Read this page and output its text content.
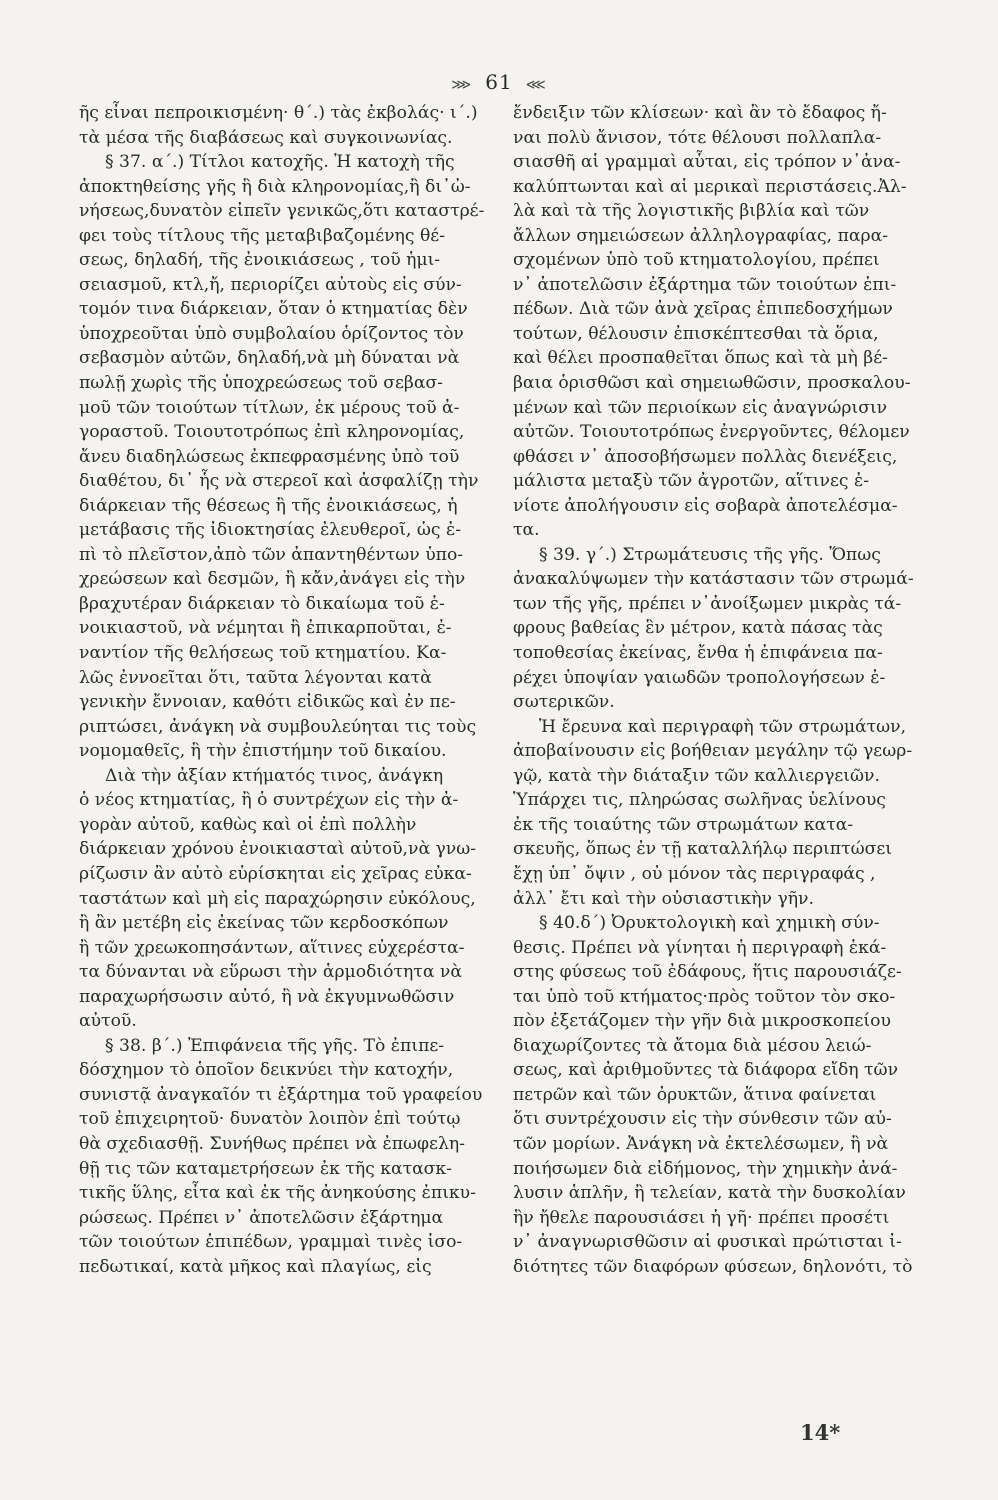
⋙ 61 ⋘
ῆς εἶναι πεπροικισμένη· θ΄.) τὰς ἐκβολάς· ι΄.)
τὰ μέσα τῆς διαβάσεως καὶ συγκοινωνίας.
§ 37. α΄.) Τίτλοι κατοχῆς. Ἡ κατοχὴ τῆς
ἀποκτηθείσης γῆς ἢ διὰ κληρονομίας,ἢ δι᾽ὠ-
νήσεως,δυνατὸν εἰπεῖν γενικῶς,ὅτι καταστρέ-
φει τοὺς τίτλους τῆς μεταβιβαζομένης θέ-
σεως, δηλαδή, τῆς ἐνοικιάσεως , τοῦ ἡμι-
σειασμοῦ, κτλ,ἤ, περιορίζει αὐτοὺς εἰς σύν-
τομόν τινα διάρκειαν, ὅταν ὁ κτηματίας δὲν
ὑποχρεοῦται ὑπὸ συμβολαίου ὁρίζοντος τὸν
σεβασμὸν αὐτῶν, δηλαδή,νὰ μὴ δύναται νὰ
πωλῇ χωρὶς τῆς ὑποχρεώσεως τοῦ σεβασ-
μοῦ τῶν τοιούτων τίτλων, ἐκ μέρους τοῦ ἀ-
γοραστοῦ. Τοιουτοτρόπως ἐπὶ κληρονομίας,
ἄνευ διαδηλώσεως ἐκπεφρασμένης ὑπὸ τοῦ
διαθέτου, δι᾽ ἧς νὰ στερεοῖ καὶ ἀσφαλίζῃ τὴν
διάρκειαν τῆς θέσεως ἢ τῆς ἐνοικιάσεως, ἡ
μετάβασις τῆς ἰδιοκτησίας ἐλευθεροῖ, ὡς ἐ-
πὶ τὸ πλεῖστον,ἀπὸ τῶν ἀπαντηθέντων ὑπο-
χρεώσεων καὶ δεσμῶν, ἢ κἄν,ἀνάγει εἰς τὴν
βραχυτέραν διάρκειαν τὸ δικαίωμα τοῦ ἐ-
νοικιαστοῦ, νὰ νέμηται ἢ ἐπικαρποῦται, ἐ-
ναντίον τῆς θελήσεως τοῦ κτηματίου. Κα-
λῶς ἐννοεῖται ὅτι, ταῦτα λέγονται κατὰ
γενικὴν ἔννοιαν, καθότι εἰδικῶς καὶ ἐν πε-
ριπτώσει, ἀνάγκη νὰ συμβουλεύηται τις τοὺς
νομομαθεῖς, ἢ τὴν ἐπιστήμην τοῦ δικαίου.
Διὰ τὴν ἀξίαν κτήματός τινος, ἀνάγκη
ὁ νέος κτηματίας, ἢ ὁ συντρέχων εἰς τὴν ἀ-
γορὰν αὐτοῦ, καθὼς καὶ οἱ ἐπὶ πολλὴν
διάρκειαν χρόνου ἐνοικιασταὶ αὐτοῦ,νὰ γνω-
ρίζωσιν ἂν αὐτὸ εὑρίσκηται εἰς χεῖρας εὐκα-
ταστάτων καὶ μὴ εἰς παραχώρησιν εὐκόλους,
ἢ ἂν μετέβη εἰς ἐκείνας τῶν κερδοσκόπων
ἢ τῶν χρεωκοπησάντων, αἵτινες εὐχερέστα-
τα δύνανται νὰ εὕρωσι τὴν ἁρμοδιότητα νὰ
παραχωρήσωσιν αὐτό, ἢ νὰ ἐκγυμνωθῶσιν
αὐτοῦ.
§ 38. β΄.) Ἐπιφάνεια τῆς γῆς. Τὸ ἐπιπε-
δόσχημον τὸ ὁποῖον δεικνύει τὴν κατοχήν,
συνιστᾷ ἀναγκαῖόν τι ἐξάρτημα τοῦ γραφείου
τοῦ ἐπιχειρητοῦ· δυνατὸν λοιπὸν ἐπὶ τούτῳ
θὰ σχεδιασθῇ. Συνήθως πρέπει νὰ ἐπωφελη-
θῇ τις τῶν καταμετρήσεων ἐκ τῆς κατασκ-
τικῆς ὕλης, εἶτα καὶ ἐκ τῆς ἀνηκούσης ἐπικυ-
ρώσεως. Πρέπει ν᾽ ἀποτελῶσιν ἐξάρτημα
τῶν τοιούτων ἐπιπέδων, γραμμαὶ τινὲς ἰσο-
πεδωτικαί, κατὰ μῆκος καὶ πλαγίως, εἰς
ἔνδειξιν τῶν κλίσεων· καὶ ἂν τὸ ἔδαφος ἤ-
ναι πολὺ ἄνισον, τότε θέλουσι πολλαπλα-
σιασθῆ αἱ γραμμαὶ αὗται, εἰς τρόπον ν᾽ἀνα-
καλύπτωνται καὶ αἱ μερικαὶ περιστάσεις.Ἀλ-
λὰ καὶ τὰ τῆς λογιστικῆς βιβλία καὶ τῶν
ἄλλων σημειώσεων ἀλληλογραφίας, παρα-
σχομένων ὑπὸ τοῦ κτηματολογίου, πρέπει
ν᾽ ἀποτελῶσιν ἐξάρτημα τῶν τοιούτων ἐπι-
πέδων. Διὰ τῶν ἀνὰ χεῖρας ἐπιπεδοσχήμων
τούτων, θέλουσιν ἐπισκέπτεσθαι τὰ ὅρια,
καὶ θέλει προσπαθεῖται ὅπως καὶ τὰ μὴ βέ-
βαια ὁρισθῶσι καὶ σημειωθῶσιν, προσκαλου-
μένων καὶ τῶν περιοίκων εἰς ἀναγνώρισιν
αὐτῶν. Τοιουτοτρόπως ἐνεργοῦντες, θέλομεν
φθάσει ν᾽ ἀποσοβήσωμεν πολλὰς διενέξεις,
μάλιστα μεταξὺ τῶν ἀγροτῶν, αἵτινες ἐ-
νίοτε ἀπολήγουσιν εἰς σοβαρὰ ἀποτελέσμα-
τα.
§ 39. γ΄.) Στρωμάτευσις τῆς γῆς. Ὅπως
ἀνακαλύψωμεν τὴν κατάστασιν τῶν στρωμά-
των τῆς γῆς, πρέπει ν᾽ἀνοίξωμεν μικρὰς τά-
φρους βαθείας ἓν μέτρον, κατὰ πάσας τὰς
τοποθεσίας ἐκείνας, ἔνθα ἡ ἐπιφάνεια πα-
ρέχει ὑποψίαν γαιωδῶν τροπολογήσεων ἐ-
σωτερικῶν.
Ἡ ἔρευνα καὶ περιγραφὴ τῶν στρωμάτων,
ἀποβαίνουσιν εἰς βοήθειαν μεγάλην τῷ γεωρ-
γῷ, κατὰ τὴν διάταξιν τῶν καλλιεργειῶν.
Ὑπάρχει τις, πληρώσας σωλῆνας ὑελίνους
ἐκ τῆς τοιαύτης τῶν στρωμάτων κατα-
σκευῆς, ὅπως ἐν τῇ καταλλήλῳ περιπτώσει
ἔχῃ ὑπ᾽ ὄψιν , οὐ μόνον τὰς περιγραφάς ,
ἀλλ᾽ ἔτι καὶ τὴν οὐσιαστικὴν γῆν.
§ 40.δ΄) Ὀρυκτολογικὴ καὶ χημικὴ σύν-
θεσις. Πρέπει νὰ γίνηται ἡ περιγραφὴ ἑκά-
στης φύσεως τοῦ ἐδάφους, ἥτις παρουσιάζε-
ται ὑπὸ τοῦ κτήματος·πρὸς τοῦτον τὸν σκο-
πὸν ἐξετάζομεν τὴν γῆν διὰ μικροσκοπείου
διαχωρίζοντες τὰ ἄτομα διὰ μέσου λειώ-
σεως, καὶ ἀριθμοῦντες τὰ διάφορα εἴδη τῶν
πετρῶν καὶ τῶν ὀρυκτῶν, ἅτινα φαίνεται
ὅτι συντρέχουσιν εἰς τὴν σύνθεσιν τῶν αὐ-
τῶν μορίων. Ἀνάγκη νὰ ἐκτελέσωμεν, ἢ νὰ
ποιήσωμεν διὰ εἰδήμονος, τὴν χημικὴν ἀνά-
λυσιν ἁπλῆν, ἢ τελείαν, κατὰ τὴν δυσκολίαν
ἣν ἤθελε παρουσιάσει ἡ γῆ· πρέπει προσέτι
ν᾽ ἀναγνωρισθῶσιν αἱ φυσικαὶ πρώτισται ἰ-
διότητες τῶν διαφόρων φύσεων, δηλονότι, τὸ
14*
